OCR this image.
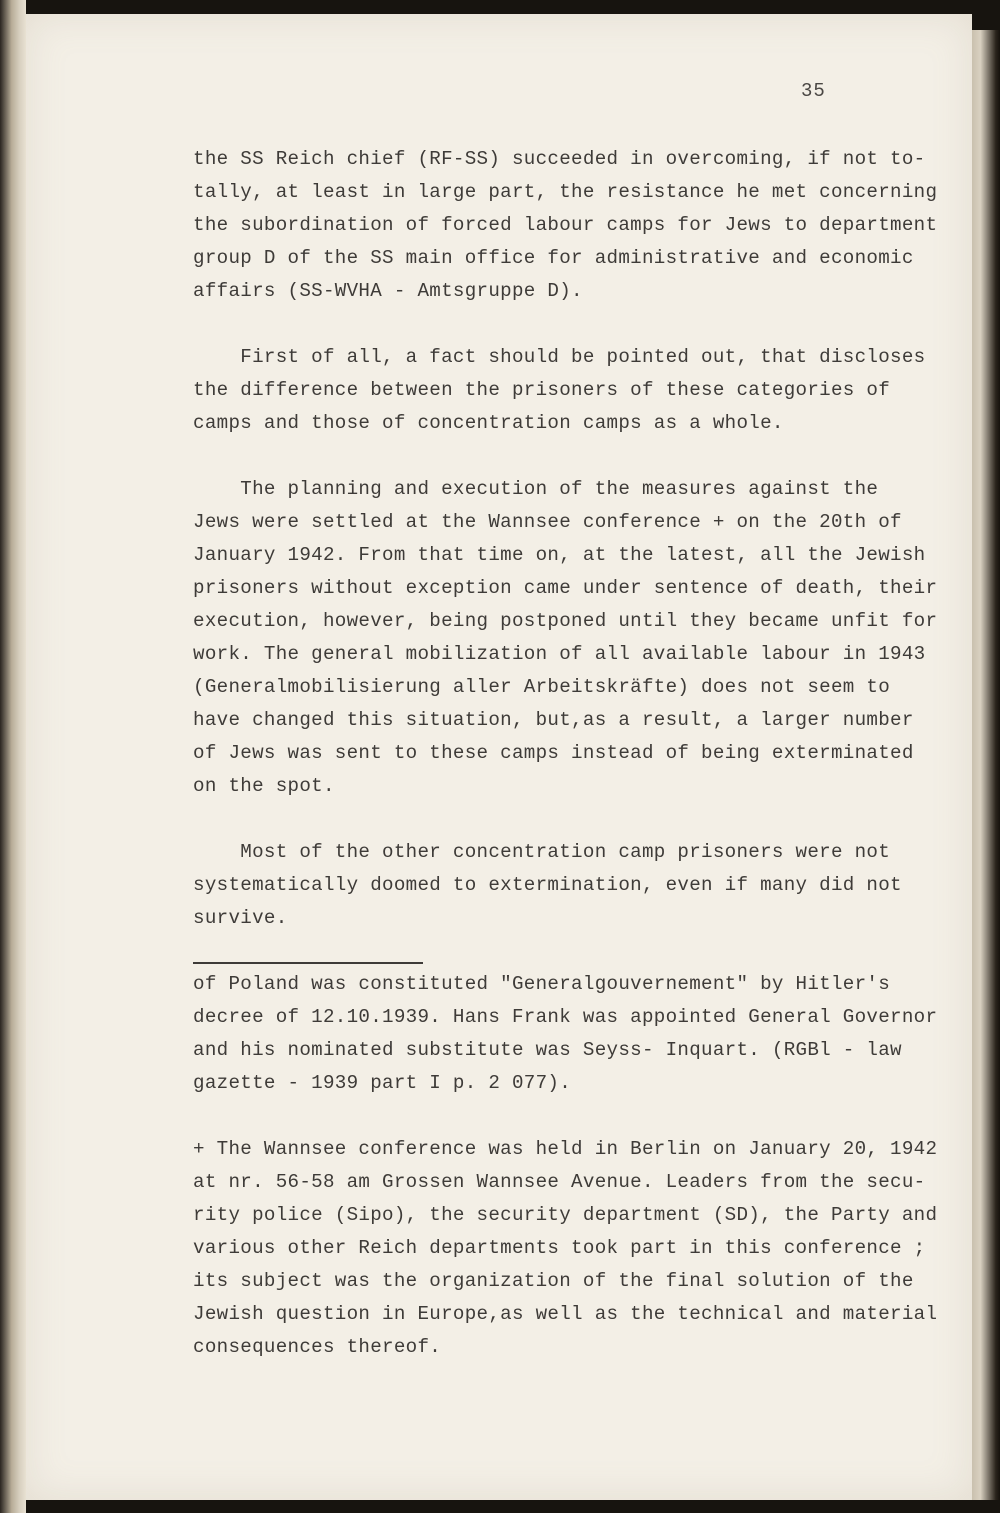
35
the SS Reich chief (RF-SS) succeeded in overcoming, if not to-
tally, at least in large part, the resistance he met concerning
the subordination of forced labour camps for Jews to department
group D of the SS main office for administrative and economic
affairs (SS-WVHA - Amtsgruppe D).
First of all, a fact should be pointed out, that discloses
the difference between the prisoners of these categories of
camps and those of concentration camps as a whole.
The planning and execution of the measures against the
Jews were settled at the Wannsee conference + on the 20th of
January 1942. From that time on, at the latest, all the Jewish
prisoners without exception came under sentence of death, their
execution, however, being postponed until they became unfit for
work. The general mobilization of all available labour in 1943
(Generalmobilisierung aller Arbeitskräfte) does not seem to
have changed this situation, but,as a result, a larger number
of Jews was sent to these camps instead of being exterminated
on the spot.
Most of the other concentration camp prisoners were not
systematically doomed to extermination, even if many did not
survive.
of Poland was constituted "Generalgouvernement" by Hitler's
decree of 12.10.1939. Hans Frank was appointed General Governor
and his nominated substitute was Seyss- Inquart. (RGBl - law
gazette - 1939 part I p. 2 077).
+ The Wannsee conference was held in Berlin on January 20, 1942
at nr. 56-58 am Grossen Wannsee Avenue. Leaders from the secu-
rity police (Sipo), the security department (SD), the Party and
various other Reich departments took part in this conference ;
its subject was the organization of the final solution of the
Jewish question in Europe,as well as the technical and material
consequences thereof.
